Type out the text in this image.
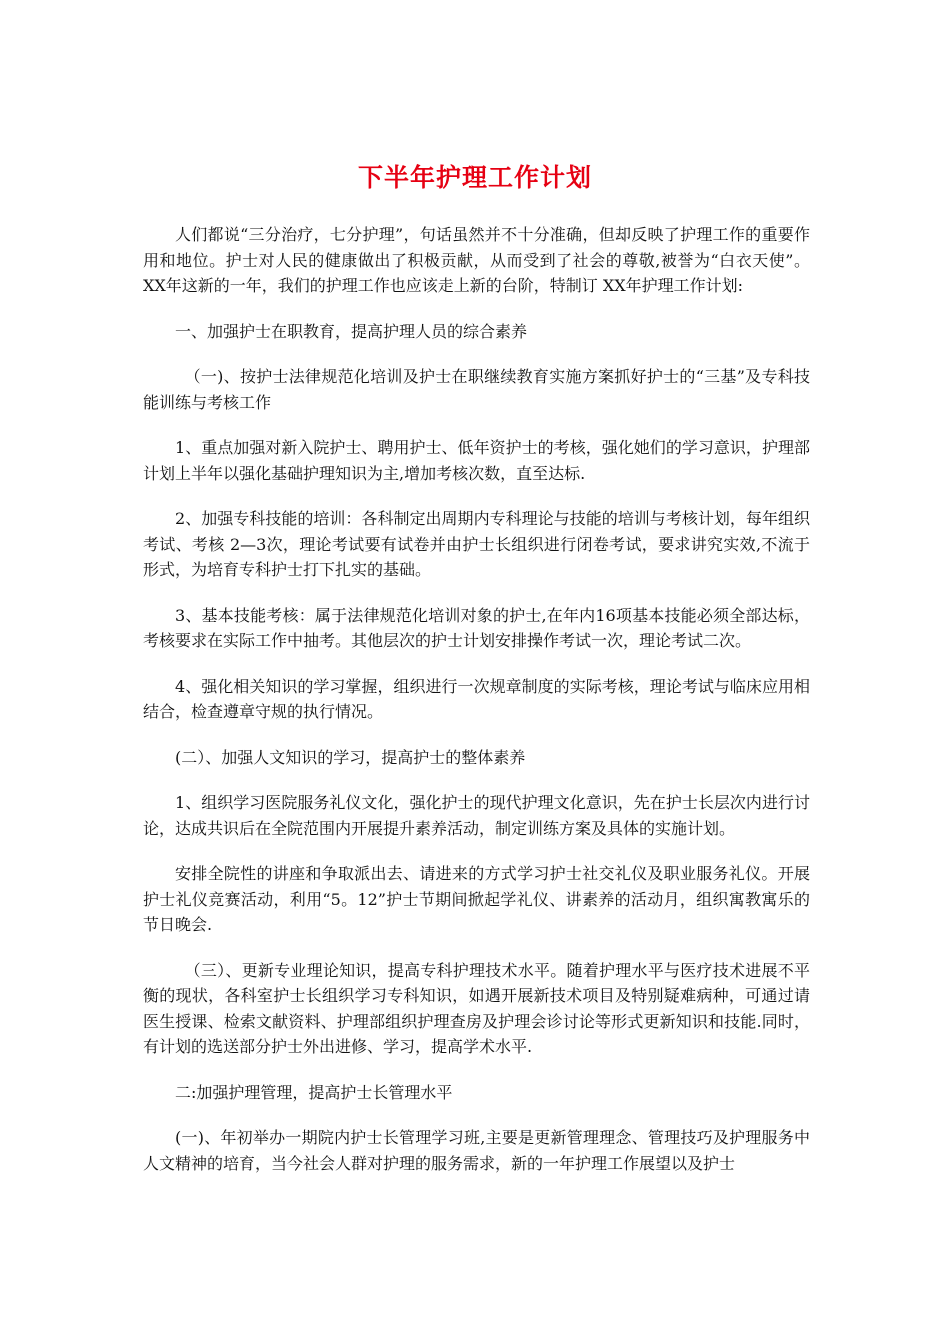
下半年护理工作计划

人们都说“三分治疗，七分护理”，句话虽然并不十分准确，但却反映了护理工作的重要作用和地位。护士对人民的健康做出了积极贡献，从而受到了社会的尊敬,被誉为“白衣天使”。XX年这新的一年，我们的护理工作也应该走上新的台阶，特制订 XX年护理工作计划:

一、加强护士在职教育，提高护理人员的综合素养

（一)、按护士法律规范化培训及护士在职继续教育实施方案抓好护士的“三基”及专科技能训练与考核工作

1、重点加强对新入院护士、聘用护士、低年资护士的考核，强化她们的学习意识，护理部计划上半年以强化基础护理知识为主,增加考核次数，直至达标.

2、加强专科技能的培训：各科制定出周期内专科理论与技能的培训与考核计划，每年组织考试、考核 2—3次，理论考试要有试卷并由护士长组织进行闭卷考试，要求讲究实效,不流于形式，为培育专科护士打下扎实的基础。

3、基本技能考核：属于法律规范化培训对象的护士,在年内16项基本技能必须全部达标，考核要求在实际工作中抽考。其他层次的护士计划安排操作考试一次，理论考试二次。

4、强化相关知识的学习掌握，组织进行一次规章制度的实际考核，理论考试与临床应用相结合，检查遵章守规的执行情况。

(二）、加强人文知识的学习，提高护士的整体素养

1、组织学习医院服务礼仪文化，强化护士的现代护理文化意识，先在护士长层次内进行讨论，达成共识后在全院范围内开展提升素养活动，制定训练方案及具体的实施计划。

安排全院性的讲座和争取派出去、请进来的方式学习护士社交礼仪及职业服务礼仪。开展护士礼仪竞赛活动，利用“5。12”护士节期间掀起学礼仪、讲素养的活动月，组织寓教寓乐的节日晚会.

（三）、更新专业理论知识，提高专科护理技术水平。随着护理水平与医疗技术进展不平衡的现状，各科室护士长组织学习专科知识，如遇开展新技术项目及特别疑难病种，可通过请医生授课、检索文献资料、护理部组织护理查房及护理会诊讨论等形式更新知识和技能.同时，有计划的选送部分护士外出进修、学习，提高学术水平.

二:加强护理管理，提高护士长管理水平

(一)、年初举办一期院内护士长管理学习班,主要是更新管理理念、管理技巧及护理服务中人文精神的培育，当今社会人群对护理的服务需求，新的一年护理工作展望以及护士
